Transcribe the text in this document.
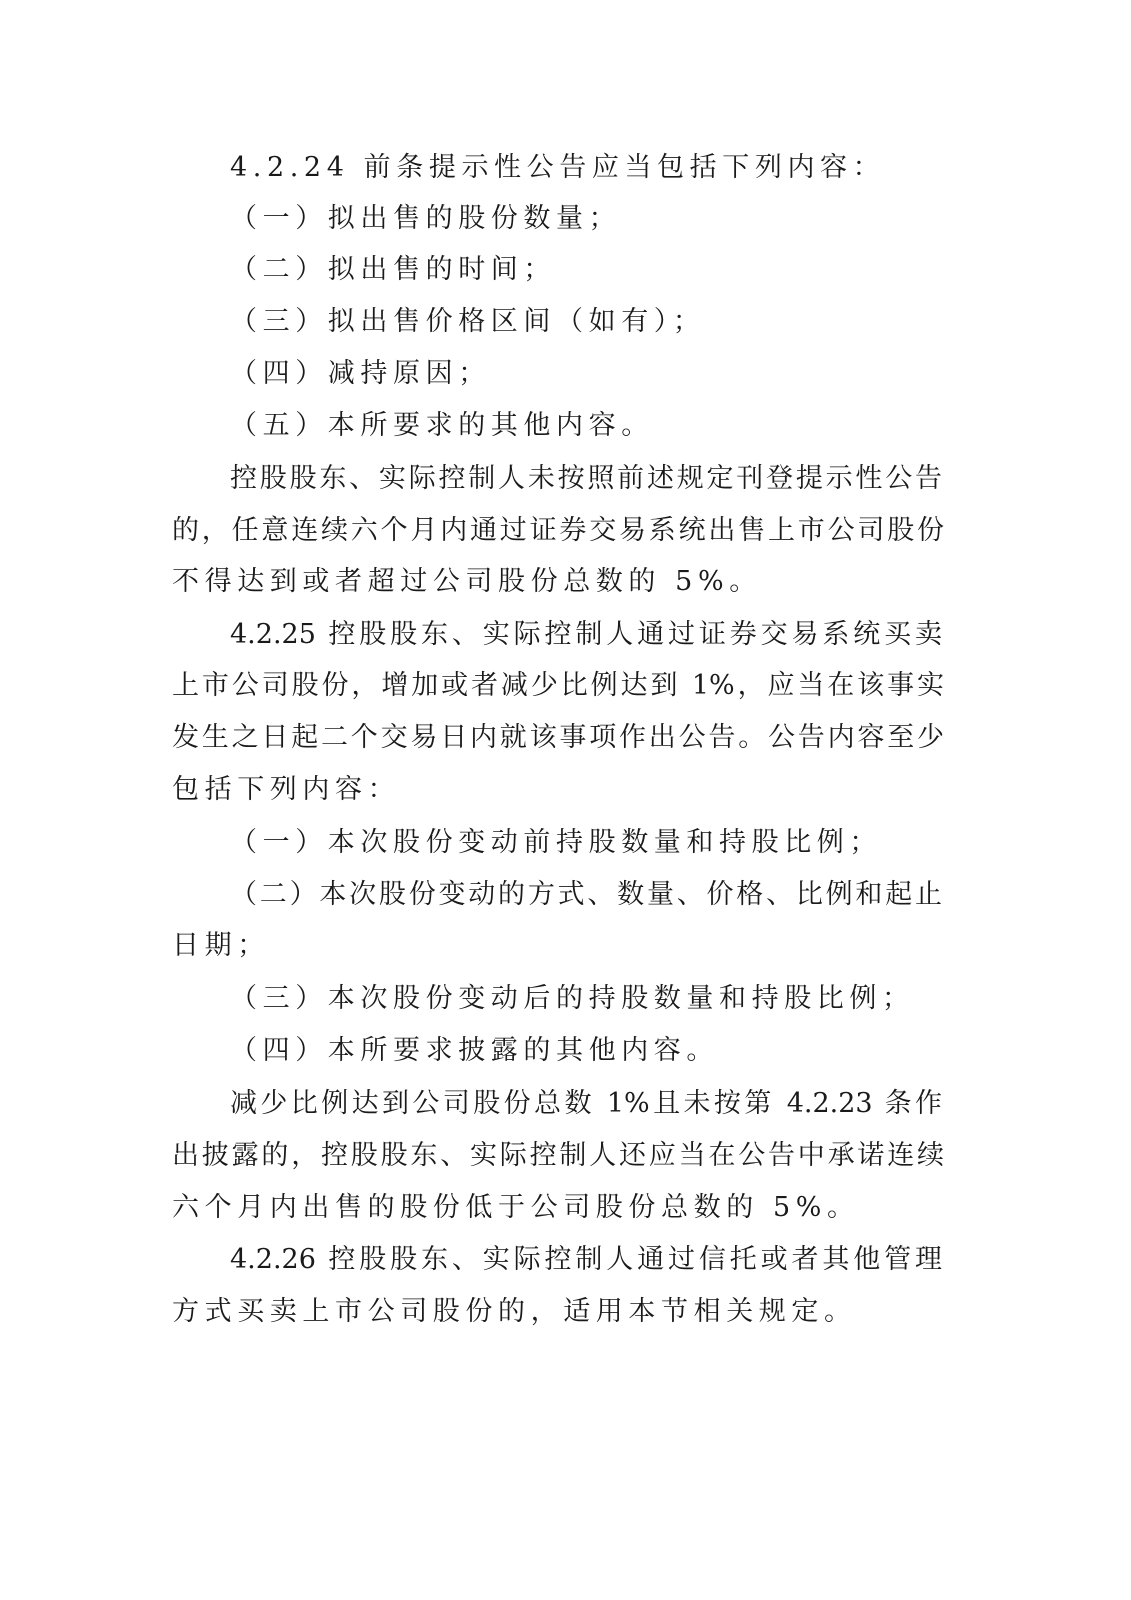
4.2.24 前条提示性公告应当包括下列内容：
（一）拟出售的股份数量；
（二）拟出售的时间；
（三）拟出售价格区间（如有）；
（四）减持原因；
（五）本所要求的其他内容。
控股股东、实际控制人未按照前述规定刊登提示性公告
的，任意连续六个月内通过证券交易系统出售上市公司股份
不得达到或者超过公司股份总数的 5%。
4.2.25 控股股东、实际控制人通过证券交易系统买卖
上市公司股份，增加或者减少比例达到 1%，应当在该事实
发生之日起二个交易日内就该事项作出公告。公告内容至少
包括下列内容：
（一）本次股份变动前持股数量和持股比例；
（二）本次股份变动的方式、数量、价格、比例和起止
日期；
（三）本次股份变动后的持股数量和持股比例；
（四）本所要求披露的其他内容。
减少比例达到公司股份总数 1%且未按第 4.2.23 条作
出披露的，控股股东、实际控制人还应当在公告中承诺连续
六个月内出售的股份低于公司股份总数的 5%。
4.2.26 控股股东、实际控制人通过信托或者其他管理
方式买卖上市公司股份的，适用本节相关规定。
